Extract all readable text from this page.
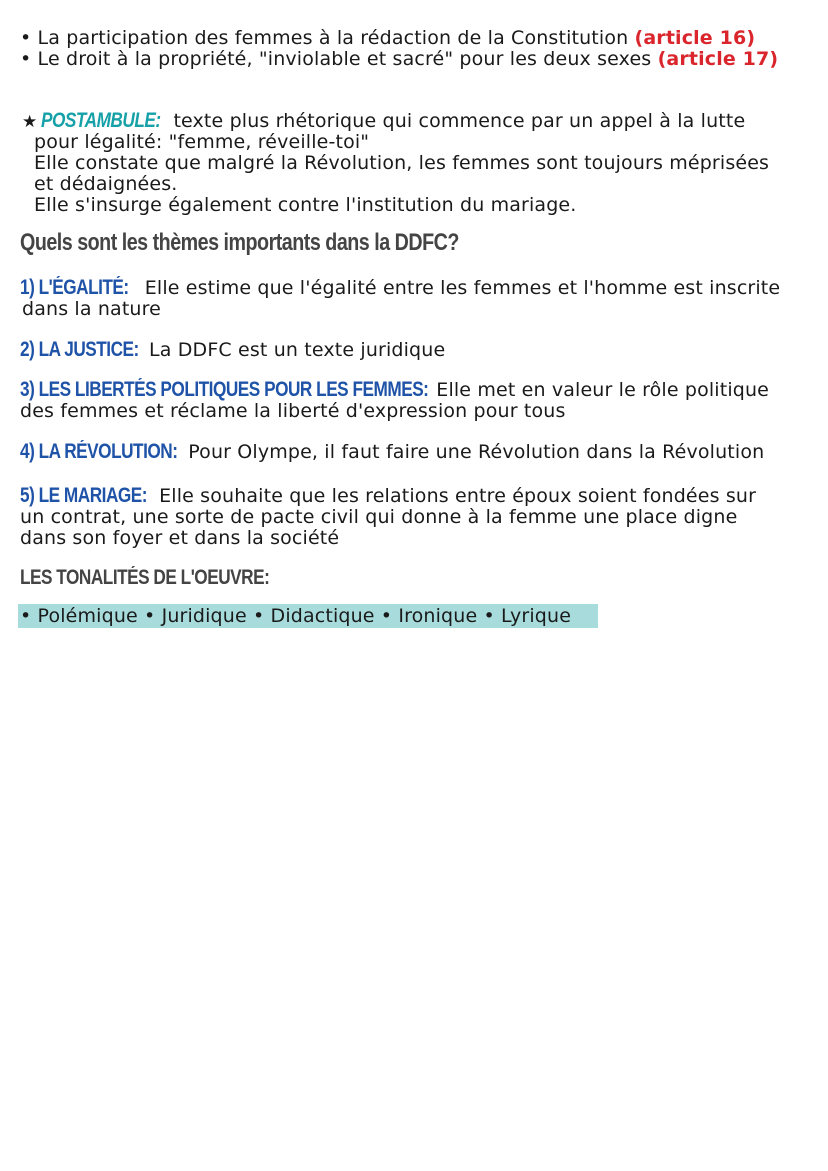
• La participation des femmes à la rédaction de la Constitution (article 16)
• Le droit à la propriété, "inviolable et sacré" pour les deux sexes (article 17)
★ POSTAMBULE: texte plus rhétorique qui commence par un appel à la lutte
pour légalité: "femme, réveille-toi"
Elle constate que malgré la Révolution, les femmes sont toujours méprisées
et dédaignées.
Elle s'insurge également contre l'institution du mariage.
Quels sont les thèmes importants dans la DDFC?
1) L'ÉGALITÉ: Elle estime que l'égalité entre les femmes et l'homme est inscrite
dans la nature
2) LA JUSTICE: La DDFC est un texte juridique
3) LES LIBERTÉS POLITIQUES POUR LES FEMMES: Elle met en valeur le rôle politique
des femmes et réclame la liberté d'expression pour tous
4) LA RÉVOLUTION: Pour Olympe, il faut faire une Révolution dans la Révolution
5) LE MARIAGE: Elle souhaite que les relations entre époux soient fondées sur
un contrat, une sorte de pacte civil qui donne à la femme une place digne
dans son foyer et dans la société
LES TONALITÉS DE L'OEUVRE:
• Polémique • Juridique • Didactique • Ironique • Lyrique
